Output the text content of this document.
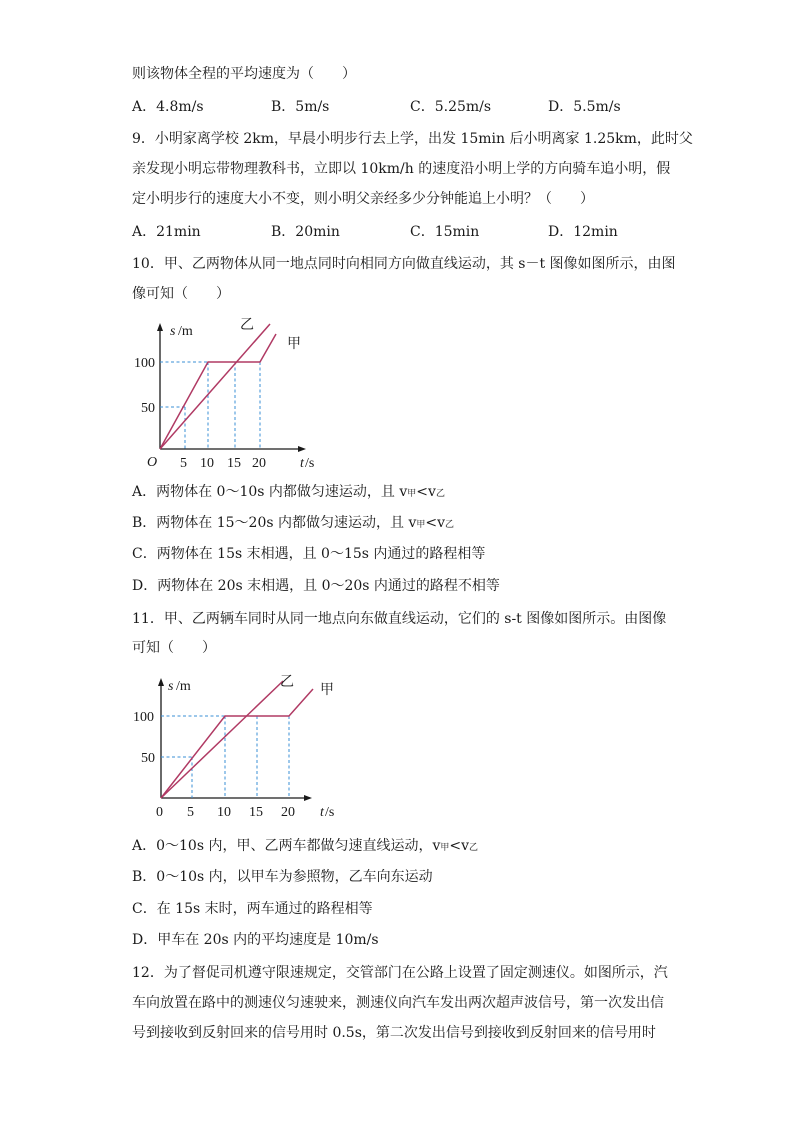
则该物体全程的平均速度为（　　）
A．4.8m/s	B．5m/s	C．5.25m/s	D．5.5m/s
9．小明家离学校 2km，早晨小明步行去上学，出发 15min 后小明离家 1.25km，此时父
亲发现小明忘带物理教科书，立即以 10km/h 的速度沿小明上学的方向骑车追小明，假
定小明步行的速度大小不变，则小明父亲经多少分钟能追上小明？（　　）
A．21min	B．20min	C．15min	D．12min
10．甲、乙两物体从同一地点同时向相同方向做直线运动，其 s－t 图像如图所示，由图
像可知（　　）
s /m	乙
甲
100
50
O 5 10 15 20 t /s
A．两物体在 0～10s 内都做匀速运动，且 v甲<v乙
B．两物体在 15～20s 内都做匀速运动，且 v甲<v乙
C．两物体在 15s 末相遇，且 0～15s 内通过的路程相等
D．两物体在 20s 末相遇，且 0～20s 内通过的路程不相等
11．甲、乙两辆车同时从同一地点向东做直线运动，它们的 s-t 图像如图所示。由图像
可知（　　）
s /m	乙
甲
100
50
0 5 10 15 20 t /s
A．0～10s 内，甲、乙两车都做匀速直线运动，v甲<v乙
B．0～10s 内，以甲车为参照物，乙车向东运动
C．在 15s 末时，两车通过的路程相等
D．甲车在 20s 内的平均速度是 10m/s
12．为了督促司机遵守限速规定，交管部门在公路上设置了固定测速仪。如图所示，汽
车向放置在路中的测速仪匀速驶来，测速仪向汽车发出两次超声波信号，第一次发出信
号到接收到反射回来的信号用时 0.5s，第二次发出信号到接收到反射回来的信号用时
